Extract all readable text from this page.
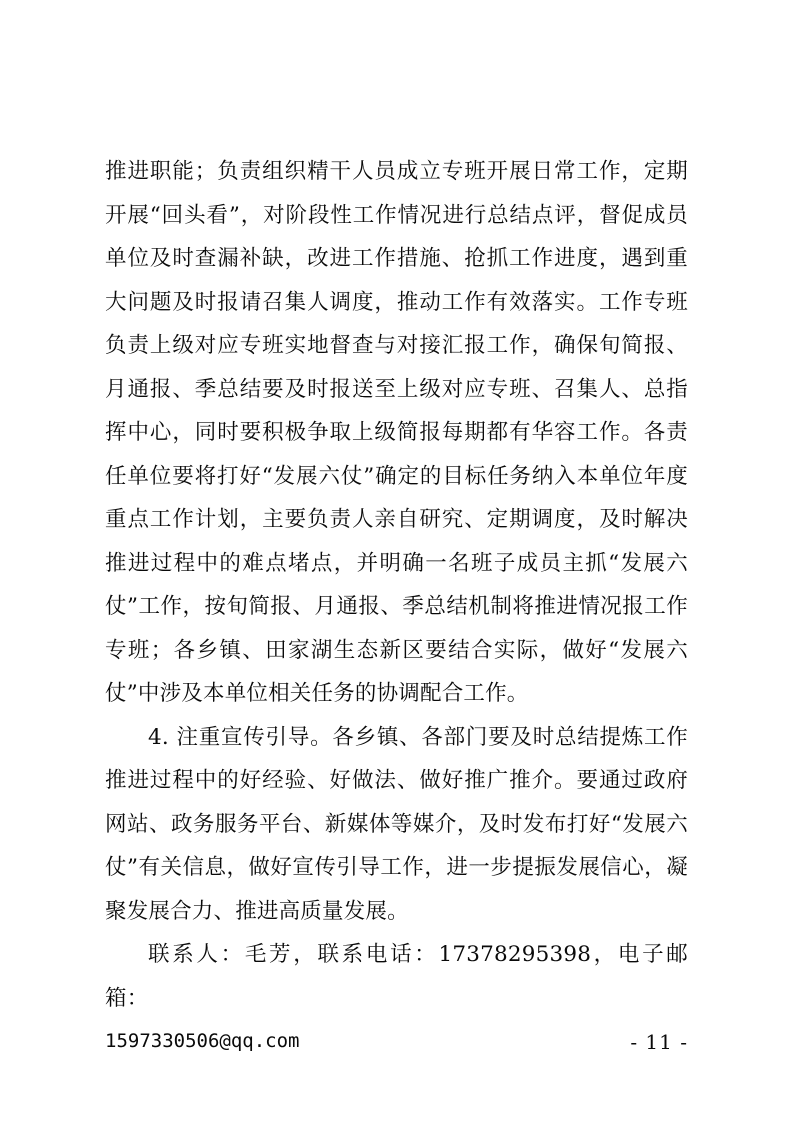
推进职能；负责组织精干人员成立专班开展日常工作，定期开展“回头看”，对阶段性工作情况进行总结点评，督促成员单位及时查漏补缺，改进工作措施、抢抓工作进度，遇到重大问题及时报请召集人调度，推动工作有效落实。工作专班负责上级对应专班实地督查与对接汇报工作，确保旬简报、月通报、季总结要及时报送至上级对应专班、召集人、总指挥中心，同时要积极争取上级简报每期都有华容工作。各责任单位要将打好“发展六仗”确定的目标任务纳入本单位年度重点工作计划，主要负责人亲自研究、定期调度，及时解决推进过程中的难点堵点，并明确一名班子成员主抓“发展六仗”工作，按旬简报、月通报、季总结机制将推进情况报工作专班；各乡镇、田家湖生态新区要结合实际，做好“发展六仗”中涉及本单位相关任务的协调配合工作。

4. 注重宣传引导。各乡镇、各部门要及时总结提炼工作推进过程中的好经验、好做法、做好推广推介。要通过政府网站、政务服务平台、新媒体等媒介，及时发布打好“发展六仗”有关信息，做好宣传引导工作，进一步提振发展信心，凝聚发展合力、推进高质量发展。

联系人：毛芳，联系电话：17378295398，电子邮箱：

1597330506@qq.com	- 11 -
